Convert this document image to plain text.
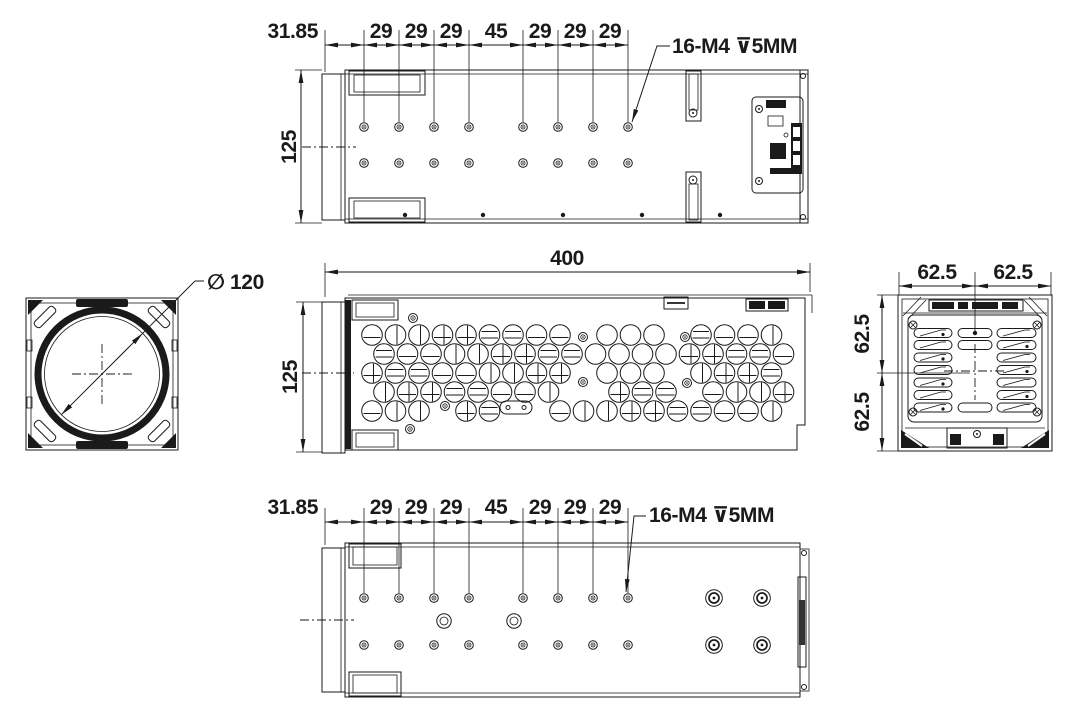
31.85 29 29 29 45 29 29 29
16-M4 ⊽5MM
125
∅ 120
400
125
62.5 62.5
62.5
62.5
31.85 29 29 29 45 29 29 29 16-M4 ⊽5MM
